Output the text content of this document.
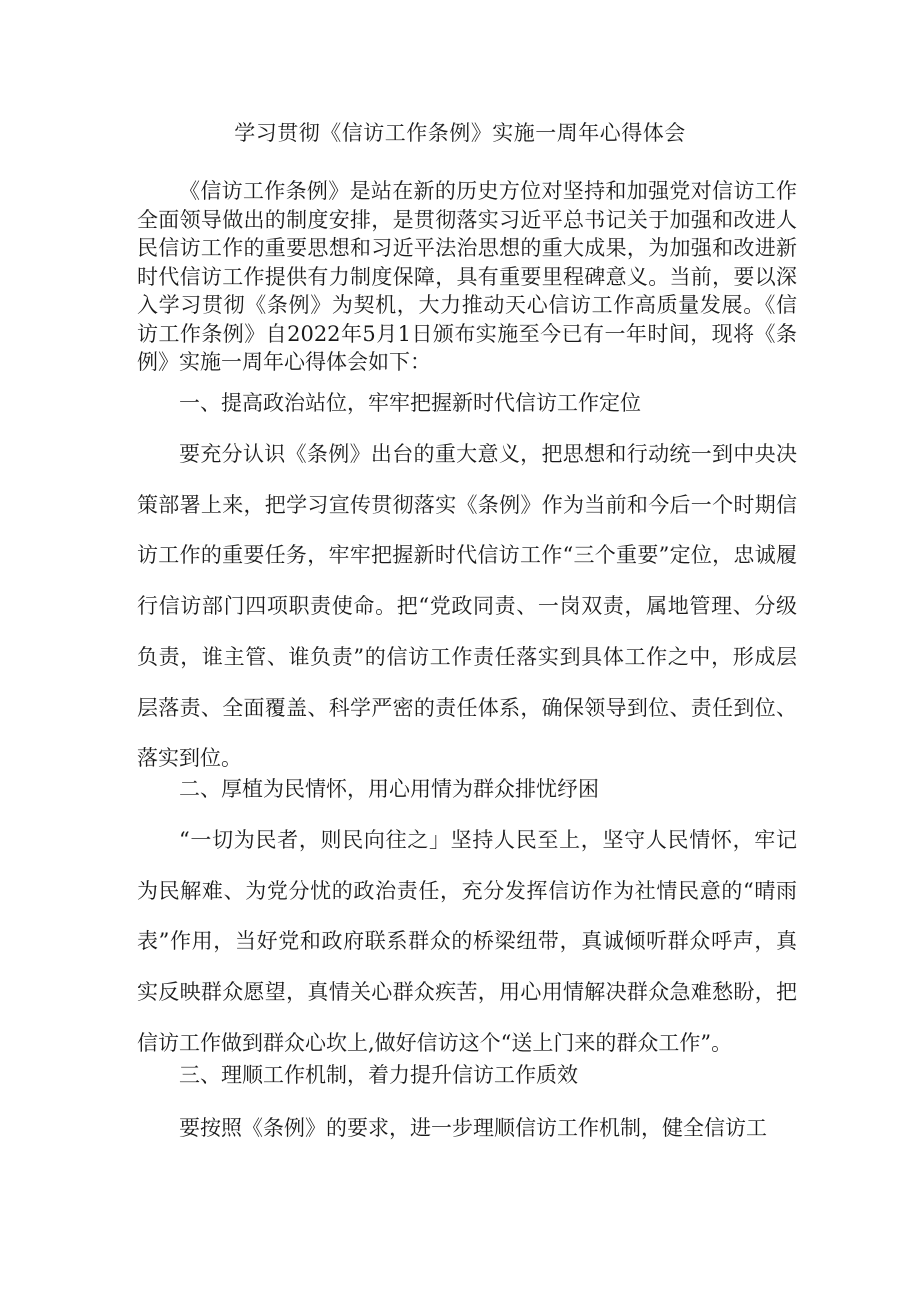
学习贯彻《信访工作条例》实施一周年心得体会

《信访工作条例》是站在新的历史方位对坚持和加强党对信访工作全面领导做出的制度安排，是贯彻落实习近平总书记关于加强和改进人民信访工作的重要思想和习近平法治思想的重大成果，为加强和改进新时代信访工作提供有力制度保障，具有重要里程碑意义。当前，要以深入学习贯彻《条例》为契机，大力推动天心信访工作高质量发展。《信访工作条例》自2022年5月1日颁布实施至今已有一年时间，现将《条例》实施一周年心得体会如下：

一、提高政治站位，牢牢把握新时代信访工作定位

要充分认识《条例》出台的重大意义，把思想和行动统一到中央决策部署上来，把学习宣传贯彻落实《条例》作为当前和今后一个时期信访工作的重要任务，牢牢把握新时代信访工作“三个重要”定位，忠诚履行信访部门四项职责使命。把“党政同责、一岗双责，属地管理、分级负责，谁主管、谁负责”的信访工作责任落实到具体工作之中，形成层层落责、全面覆盖、科学严密的责任体系，确保领导到位、责任到位、落实到位。

二、厚植为民情怀，用心用情为群众排忧纾困

“一切为民者，则民向往之」坚持人民至上，坚守人民情怀，牢记为民解难、为党分忧的政治责任，充分发挥信访作为社情民意的“晴雨表”作用，当好党和政府联系群众的桥梁纽带，真诚倾听群众呼声，真实反映群众愿望，真情关心群众疾苦，用心用情解决群众急难愁盼，把信访工作做到群众心坎上,做好信访这个“送上门来的群众工作”。

三、理顺工作机制，着力提升信访工作质效

要按照《条例》的要求，进一步理顺信访工作机制，健全信访工
